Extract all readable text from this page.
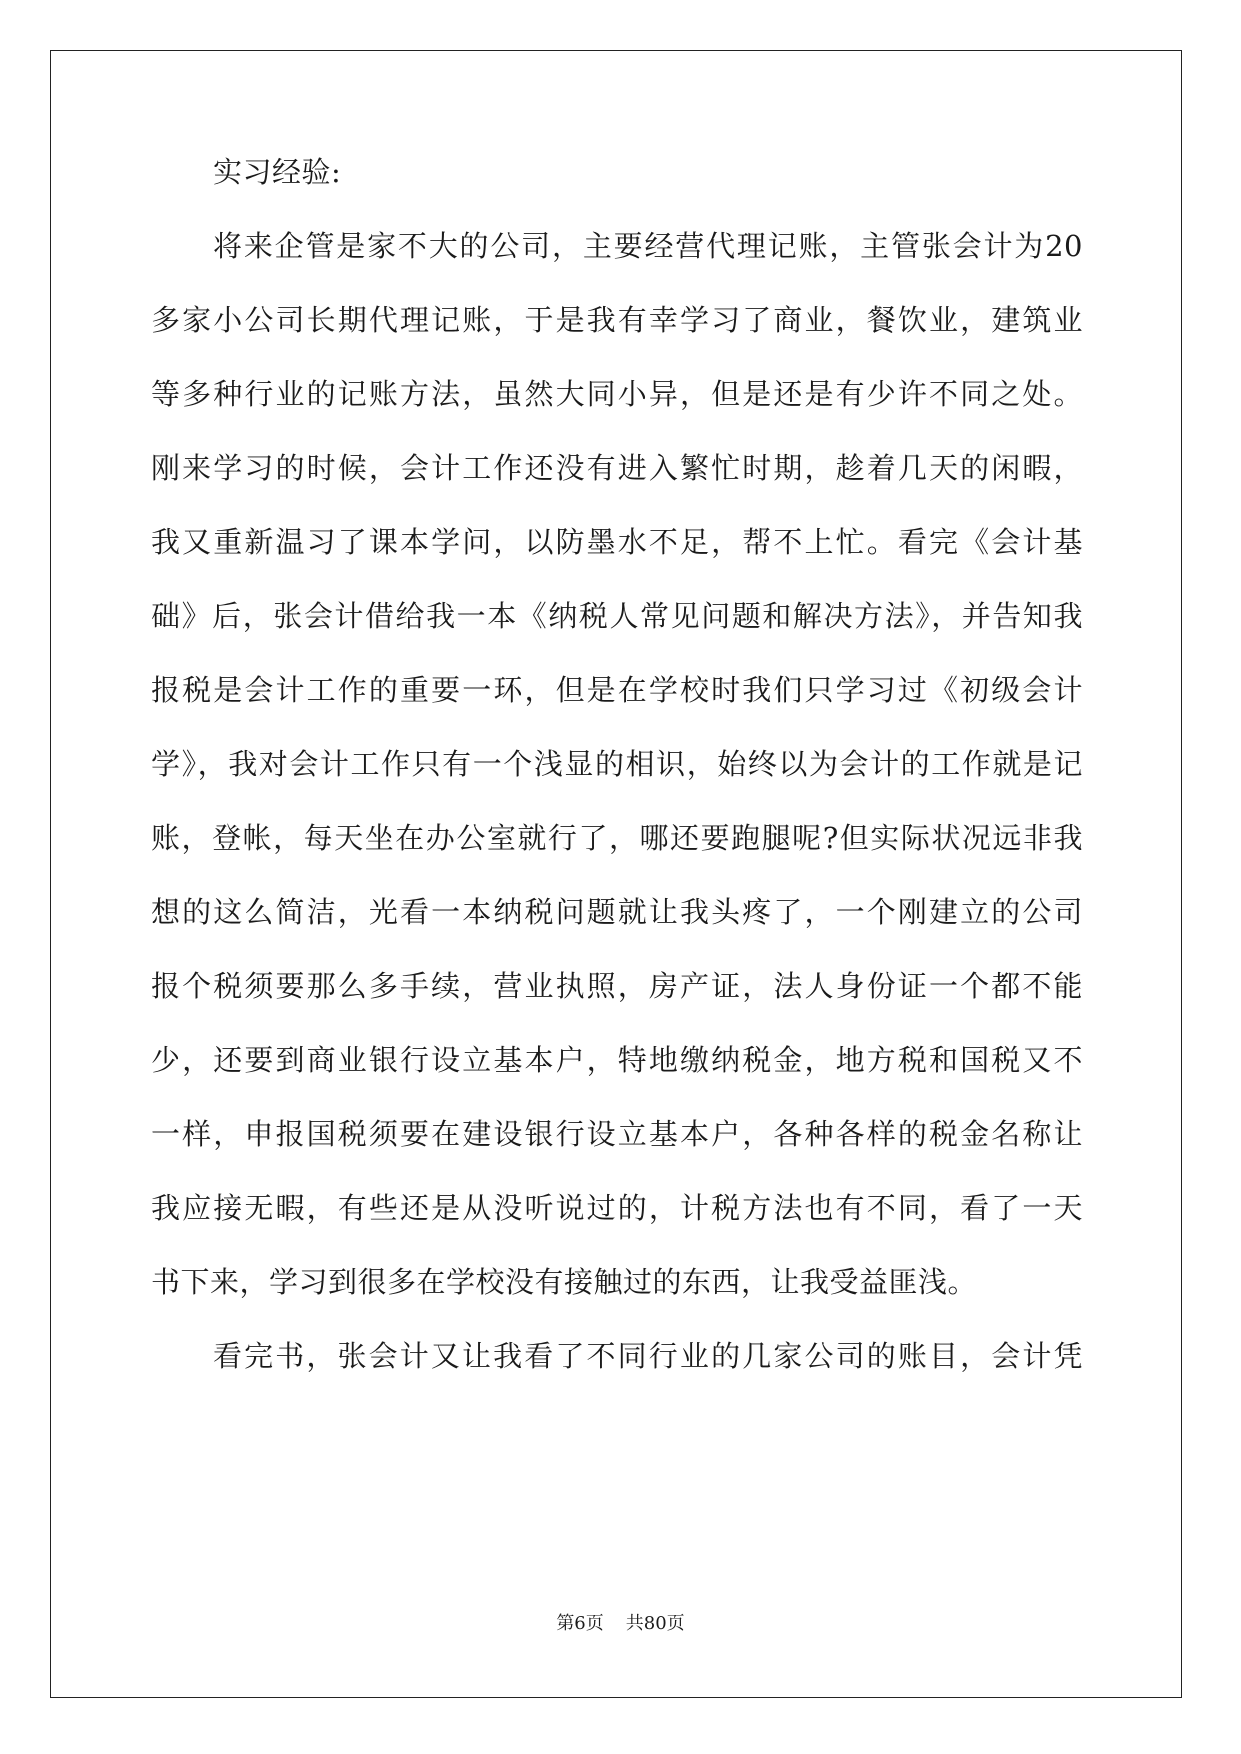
实习经验:
将来企管是家不大的公司，主要经营代理记账，主管张会计为20
多家小公司长期代理记账，于是我有幸学习了商业，餐饮业，建筑业
等多种行业的记账方法，虽然大同小异，但是还是有少许不同之处。
刚来学习的时候，会计工作还没有进入繁忙时期，趁着几天的闲暇，
我又重新温习了课本学问，以防墨水不足，帮不上忙。看完《会计基
础》后，张会计借给我一本《纳税人常见问题和解决方法》，并告知我
报税是会计工作的重要一环，但是在学校时我们只学习过《初级会计
学》，我对会计工作只有一个浅显的相识，始终以为会计的工作就是记
账，登帐，每天坐在办公室就行了，哪还要跑腿呢?但实际状况远非我
想的这么简洁，光看一本纳税问题就让我头疼了，一个刚建立的公司
报个税须要那么多手续，营业执照，房产证，法人身份证一个都不能
少，还要到商业银行设立基本户，特地缴纳税金，地方税和国税又不
一样，申报国税须要在建设银行设立基本户，各种各样的税金名称让
我应接无暇，有些还是从没听说过的，计税方法也有不同，看了一天
书下来，学习到很多在学校没有接触过的东西，让我受益匪浅。
看完书，张会计又让我看了不同行业的几家公司的账目，会计凭
第6页 共80页
